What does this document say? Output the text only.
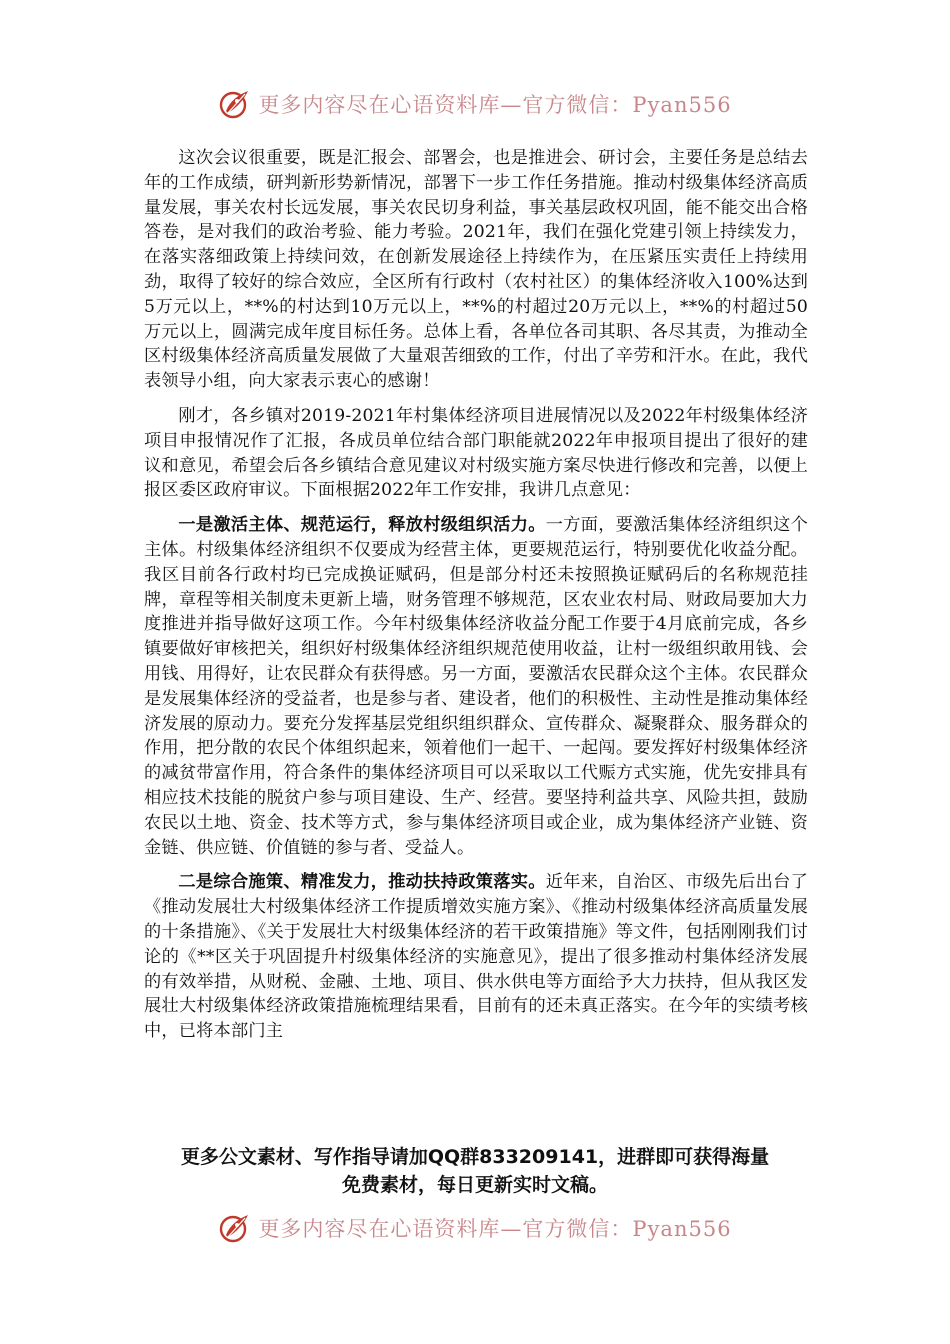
更多内容尽在心语资料库—官方微信：Pyan556

这次会议很重要，既是汇报会、部署会，也是推进会、研讨会，主要任务是总结去年的工作成绩，研判新形势新情况，部署下一步工作任务措施。推动村级集体经济高质量发展，事关农村长远发展，事关农民切身利益，事关基层政权巩固，能不能交出合格答卷，是对我们的政治考验、能力考验。2021年，我们在强化党建引领上持续发力，在落实落细政策上持续问效，在创新发展途径上持续作为，在压紧压实责任上持续用劲，取得了较好的综合效应，全区所有行政村（农村社区）的集体经济收入100%达到5万元以上，**%的村达到10万元以上，**%的村超过20万元以上，**%的村超过50万元以上，圆满完成年度目标任务。总体上看，各单位各司其职、各尽其责，为推动全区村级集体经济高质量发展做了大量艰苦细致的工作，付出了辛劳和汗水。在此，我代表领导小组，向大家表示衷心的感谢！

刚才，各乡镇对2019-2021年村集体经济项目进展情况以及2022年村级集体经济项目申报情况作了汇报，各成员单位结合部门职能就2022年申报项目提出了很好的建议和意见，希望会后各乡镇结合意见建议对村级实施方案尽快进行修改和完善，以便上报区委区政府审议。下面根据2022年工作安排，我讲几点意见：

一是激活主体、规范运行，释放村级组织活力。一方面，要激活集体经济组织这个主体。村级集体经济组织不仅要成为经营主体，更要规范运行，特别要优化收益分配。我区目前各行政村均已完成换证赋码，但是部分村还未按照换证赋码后的名称规范挂牌，章程等相关制度未更新上墙，财务管理不够规范，区农业农村局、财政局要加大力度推进并指导做好这项工作。今年村级集体经济收益分配工作要于4月底前完成，各乡镇要做好审核把关，组织好村级集体经济组织规范使用收益，让村一级组织敢用钱、会用钱、用得好，让农民群众有获得感。另一方面，要激活农民群众这个主体。农民群众是发展集体经济的受益者，也是参与者、建设者，他们的积极性、主动性是推动集体经济发展的原动力。要充分发挥基层党组织组织群众、宣传群众、凝聚群众、服务群众的作用，把分散的农民个体组织起来，领着他们一起干、一起闯。要发挥好村级集体经济的减贫带富作用，符合条件的集体经济项目可以采取以工代赈方式实施，优先安排具有相应技术技能的脱贫户参与项目建设、生产、经营。要坚持利益共享、风险共担，鼓励农民以土地、资金、技术等方式，参与集体经济项目或企业，成为集体经济产业链、资金链、供应链、价值链的参与者、受益人。

二是综合施策、精准发力，推动扶持政策落实。近年来，自治区、市级先后出台了《推动发展壮大村级集体经济工作提质增效实施方案》、《推动村级集体经济高质量发展的十条措施》、《关于发展壮大村级集体经济的若干政策措施》等文件，包括刚刚我们讨论的《**区关于巩固提升村级集体经济的实施意见》，提出了很多推动村集体经济发展的有效举措，从财税、金融、土地、项目、供水供电等方面给予大力扶持，但从我区发展壮大村级集体经济政策措施梳理结果看，目前有的还未真正落实。在今年的实绩考核中，已将本部门主

更多公文素材、写作指导请加QQ群833209141，进群即可获得海量
免费素材，每日更新实时文稿。
更多内容尽在心语资料库—官方微信：Pyan556
